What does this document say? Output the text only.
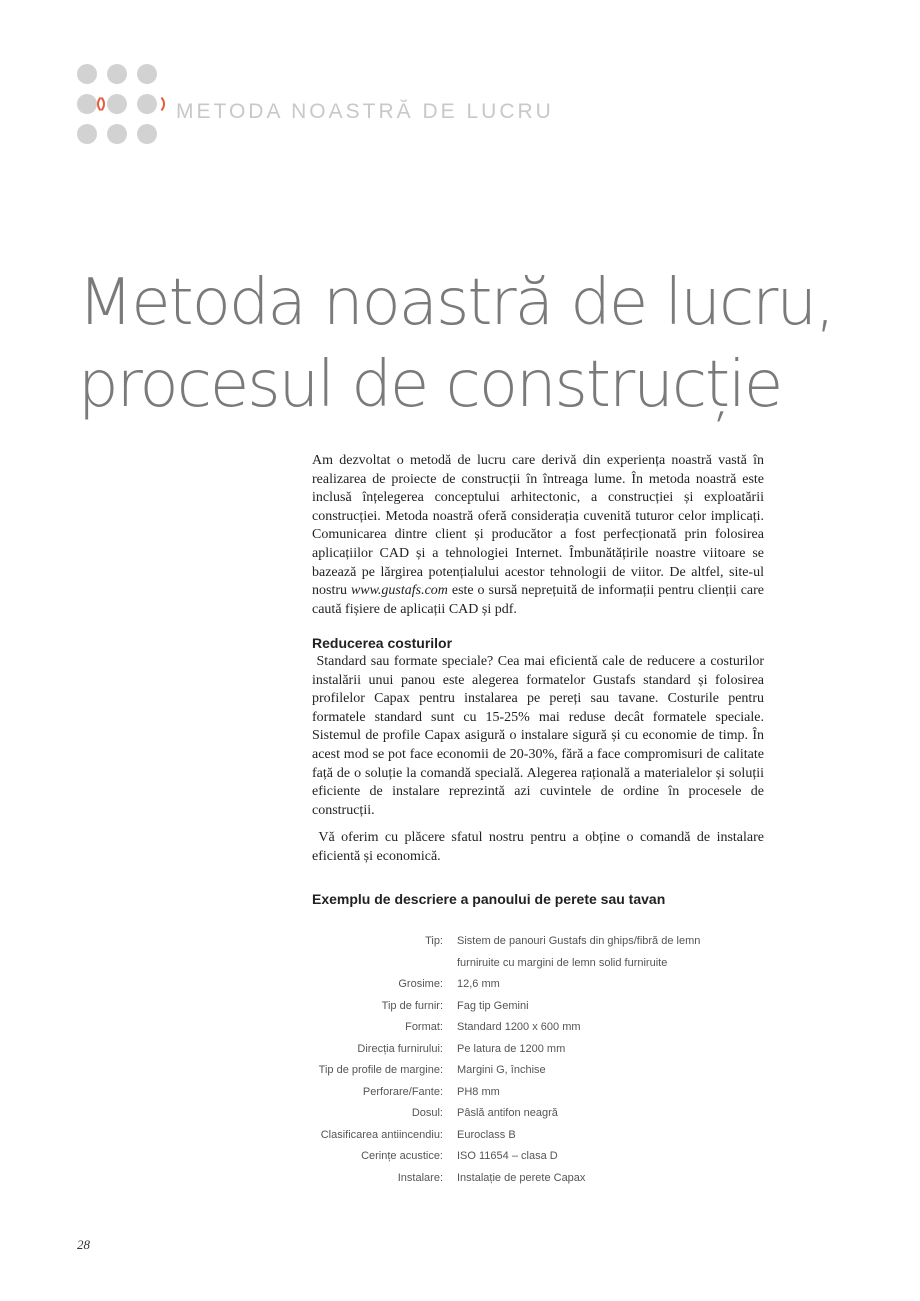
METODA NOASTRĂ DE LUCRU
Metoda noastră de lucru,
procesul de construcție

Am dezvoltat o metodă de lucru care derivă din experiența noastră vastă în realizarea de proiecte de construcții în întreaga lume. În metoda noastră este inclusă înțelegerea conceptului arhitectonic, a construcției și exploatării construcției. Metoda noastră oferă considerația cuvenită tuturor celor implicați. Comunicarea dintre client și producător a fost perfecționată prin folosirea aplicațiilor CAD și a tehnologiei Internet. Îmbunătățirile noastre viitoare se bazează pe lărgirea potențialului acestor tehnologii de viitor. De altfel, site-ul nostru www.gustafs.com este o sursă neprețuită de informații pentru clienții care caută fișiere de aplicații CAD și pdf.

Reducerea costurilor

Standard sau formate speciale? Cea mai eficientă cale de reducere a costurilor instalării unui panou este alegerea formatelor Gustafs standard și folosirea profilelor Capax pentru instalarea pe pereți sau tavane. Costurile pentru formatele standard sunt cu 15-25% mai reduse decât formatele speciale. Sistemul de profile Capax asigură o instalare sigură și cu economie de timp. În acest mod se pot face economii de 20-30%, fără a face compromisuri de calitate față de o soluție la comandă specială. Alegerea rațională a materialelor și soluții eficiente de instalare reprezintă azi cuvintele de ordine în procesele de construcții.

Vă oferim cu plăcere sfatul nostru pentru a obține o comandă de instalare eficientă și economică.

Exemplu de descriere a panoului de perete sau tavan
Tip:	Sistem de panouri Gustafs din ghips/fibră de lemn
furniruite cu margini de lemn solid furniruite
Grosime:	12,6 mm
Tip de furnir:	Fag tip Gemini
Format:	Standard 1200 x 600 mm
Direcția furnirului:	Pe latura de 1200 mm
Tip de profile de margine:	Margini G, închise
Perforare/Fante:	PH8 mm
Dosul:	Pâslă antifon neagră
Clasificarea antiincendiu:	Euroclass B
Cerințe acustice:	ISO 11654 – clasa D
Instalare:	Instalație de perete Capax
28
